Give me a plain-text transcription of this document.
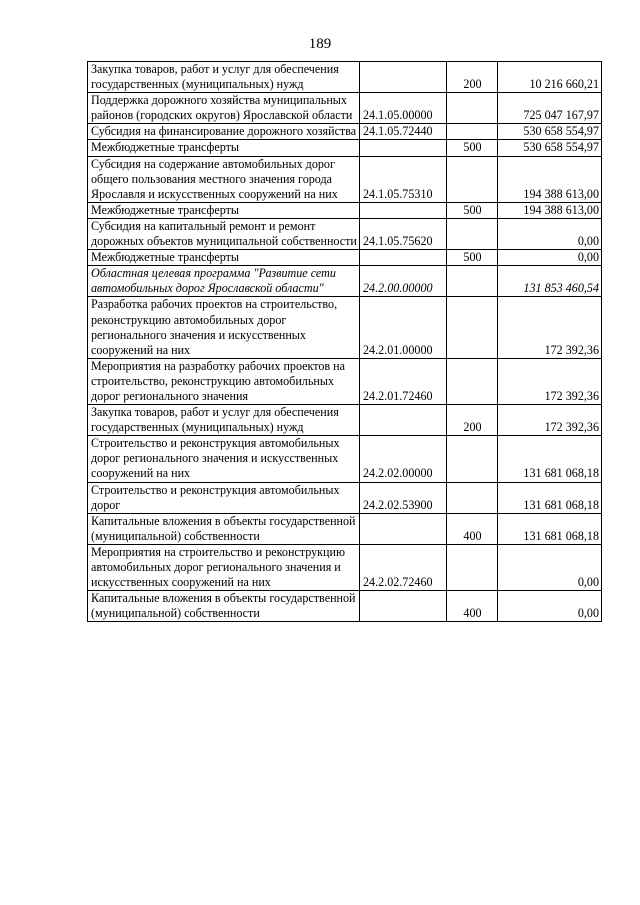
189
Закупка товаров, работ и услуг для обеспечения государственных (муниципальных) нужд		200	10 216 660,21

Поддержка дорожного хозяйства муниципальных районов (городских округов) Ярославской области	24.1.05.00000		725 047 167,97

Субсидия на финансирование дорожного хозяйства	24.1.05.72440		530 658 554,97

Межбюджетные трансферты		500	530 658 554,97

Субсидия на содержание автомобильных дорог общего пользования местного значения города Ярославля и искусственных сооружений на них	24.1.05.75310		194 388 613,00

Межбюджетные трансферты		500	194 388 613,00

Субсидия на капитальный ремонт и ремонт дорожных объектов муниципальной собственности	24.1.05.75620		0,00

Межбюджетные трансферты		500	0,00

Областная целевая программа "Развитие сети автомобильных дорог Ярославской области"	24.2.00.00000		131 853 460,54

Разработка рабочих проектов на строительство, реконструкцию автомобильных дорог регионального значения и искусственных сооружений на них	24.2.01.00000		172 392,36

Мероприятия на разработку рабочих проектов на строительство, реконструкцию автомобильных дорог регионального значения	24.2.01.72460		172 392,36

Закупка товаров, работ и услуг для обеспечения государственных (муниципальных) нужд		200	172 392,36

Строительство и реконструкция автомобильных дорог регионального значения и искусственных сооружений на них	24.2.02.00000		131 681 068,18

Строительство и реконструкция автомобильных дорог	24.2.02.53900		131 681 068,18

Капитальные вложения в объекты государственной (муниципальной) собственности		400	131 681 068,18

Мероприятия на строительство и реконструкцию автомобильных дорог регионального значения и искусственных сооружений на них	24.2.02.72460		0,00

Капитальные вложения в объекты государственной (муниципальной) собственности		400	0,00
